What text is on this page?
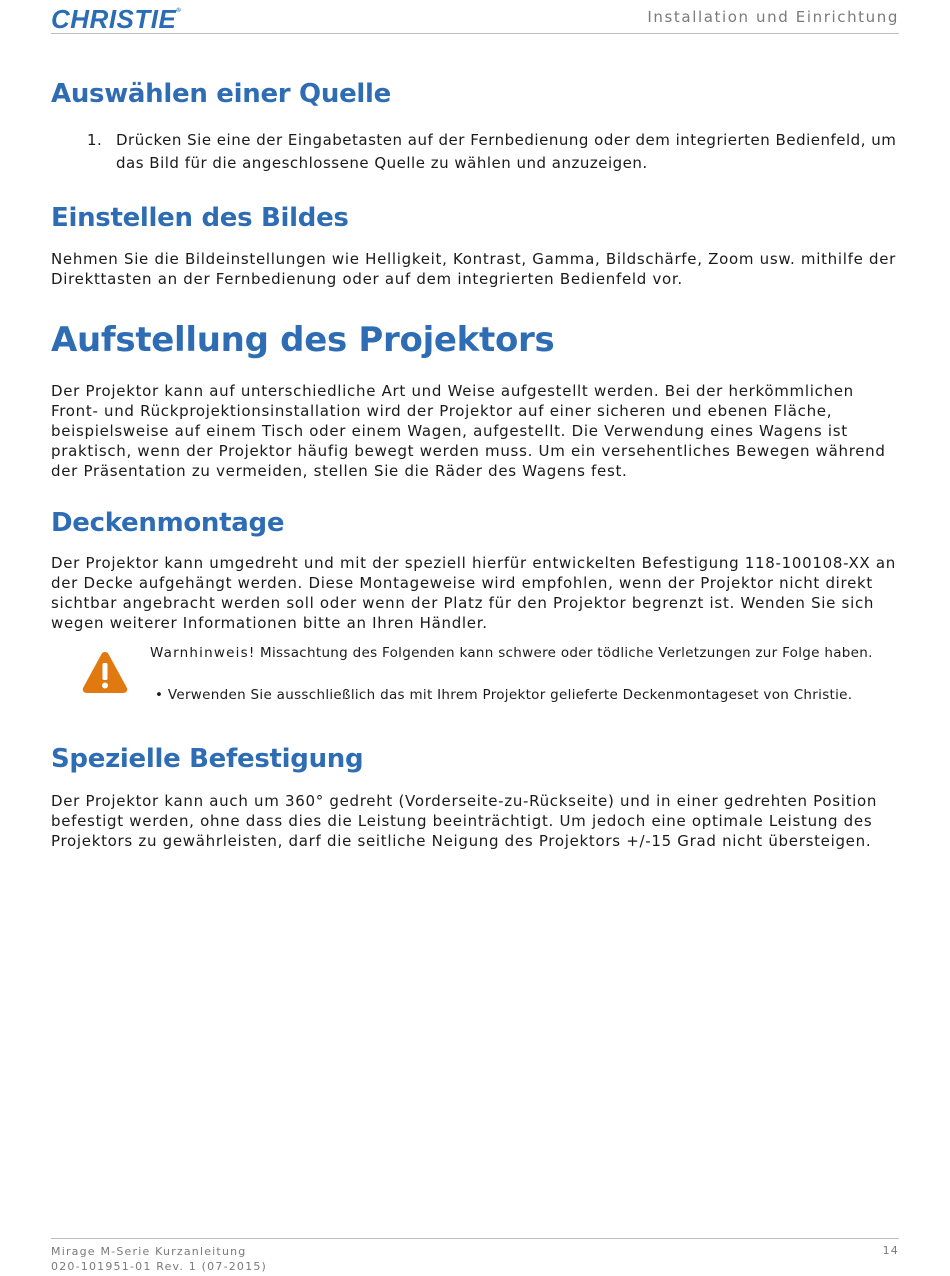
CHRISTIE®	Installation und Einrichtung
Auswählen einer Quelle
1. Drücken Sie eine der Eingabetasten auf der Fernbedienung oder dem integrierten Bedienfeld, um das Bild für die angeschlossene Quelle zu wählen und anzuzeigen.
Einstellen des Bildes

Nehmen Sie die Bildeinstellungen wie Helligkeit, Kontrast, Gamma, Bildschärfe, Zoom usw. mithilfe der Direkttasten an der Fernbedienung oder auf dem integrierten Bedienfeld vor.

Aufstellung des Projektors

Der Projektor kann auf unterschiedliche Art und Weise aufgestellt werden. Bei der herkömmlichen Front- und Rückprojektionsinstallation wird der Projektor auf einer sicheren und ebenen Fläche, beispielsweise auf einem Tisch oder einem Wagen, aufgestellt. Die Verwendung eines Wagens ist praktisch, wenn der Projektor häufig bewegt werden muss. Um ein versehentliches Bewegen während der Präsentation zu vermeiden, stellen Sie die Räder des Wagens fest.

Deckenmontage

Der Projektor kann umgedreht und mit der speziell hierfür entwickelten Befestigung 118-100108-XX an der Decke aufgehängt werden. Diese Montageweise wird empfohlen, wenn der Projektor nicht direkt sichtbar angebracht werden soll oder wenn der Platz für den Projektor begrenzt ist. Wenden Sie sich wegen weiterer Informationen bitte an Ihren Händler.

Warnhinweis! Missachtung des Folgenden kann schwere oder tödliche Verletzungen zur Folge haben.
• Verwenden Sie ausschließlich das mit Ihrem Projektor gelieferte Deckenmontageset von Christie.
Spezielle Befestigung

Der Projektor kann auch um 360° gedreht (Vorderseite-zu-Rückseite) und in einer gedrehten Position befestigt werden, ohne dass dies die Leistung beeinträchtigt. Um jedoch eine optimale Leistung des Projektors zu gewährleisten, darf die seitliche Neigung des Projektors +/-15 Grad nicht übersteigen.

Mirage M-Serie Kurzanleitung
020-101951-01 Rev. 1 (07-2015)
14
